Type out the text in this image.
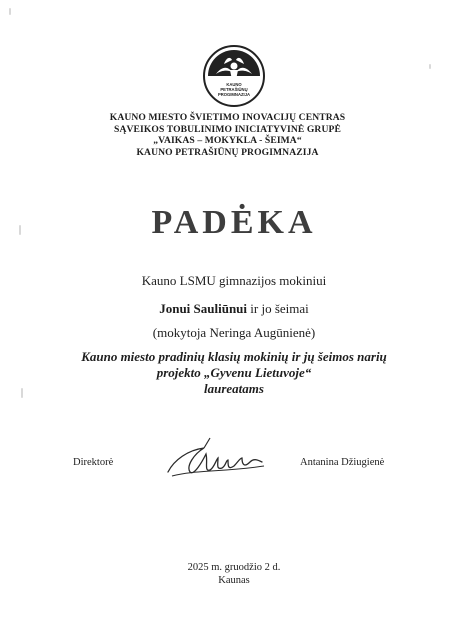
KAUNO
PETRAŠIŪNŲ
PROGIMNAZIJA
KAUNO MIESTO ŠVIETIMO INOVACIJŲ CENTRAS
SĄVEIKOS TOBULINIMO INICIATYVINĖ GRUPĖ
„VAIKAS – MOKYKLA - ŠEIMA“
KAUNO PETRAŠIŪNŲ PROGIMNAZIJA
PADĖKA
Kauno LSMU gimnazijos mokiniui
Jonui Sauliūnui ir jo šeimai
(mokytoja Neringa Augūnienė)
Kauno miesto pradinių klasių mokinių ir jų šeimos narių
projekto „Gyvenu Lietuvoje“
laureatams
Direktorė	Antanina Džiugienė
2025 m. gruodžio 2 d.
Kaunas
